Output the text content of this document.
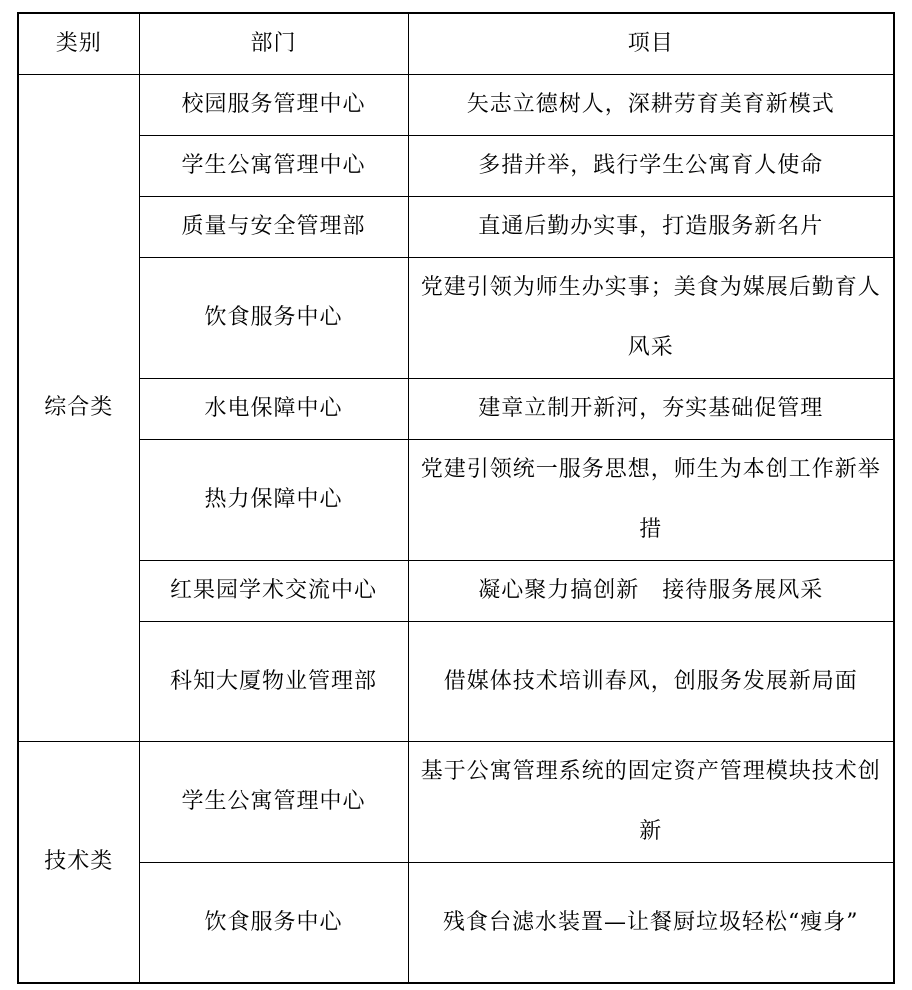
类别	部门	项目
综合类	校园服务管理中心	矢志立德树人，深耕劳育美育新模式
	学生公寓管理中心	多措并举，践行学生公寓育人使命
	质量与安全管理部	直通后勤办实事，打造服务新名片
	饮食服务中心	党建引领为师生办实事；美食为媒展后勤育人风采
	水电保障中心	建章立制开新河，夯实基础促管理
	热力保障中心	党建引领统一服务思想，师生为本创工作新举措
	红果园学术交流中心	凝心聚力搞创新　接待服务展风采
	科知大厦物业管理部	借媒体技术培训春风，创服务发展新局面
技术类	学生公寓管理中心	基于公寓管理系统的固定资产管理模块技术创新
	饮食服务中心	残食台滤水装置—让餐厨垃圾轻松“瘦身”
